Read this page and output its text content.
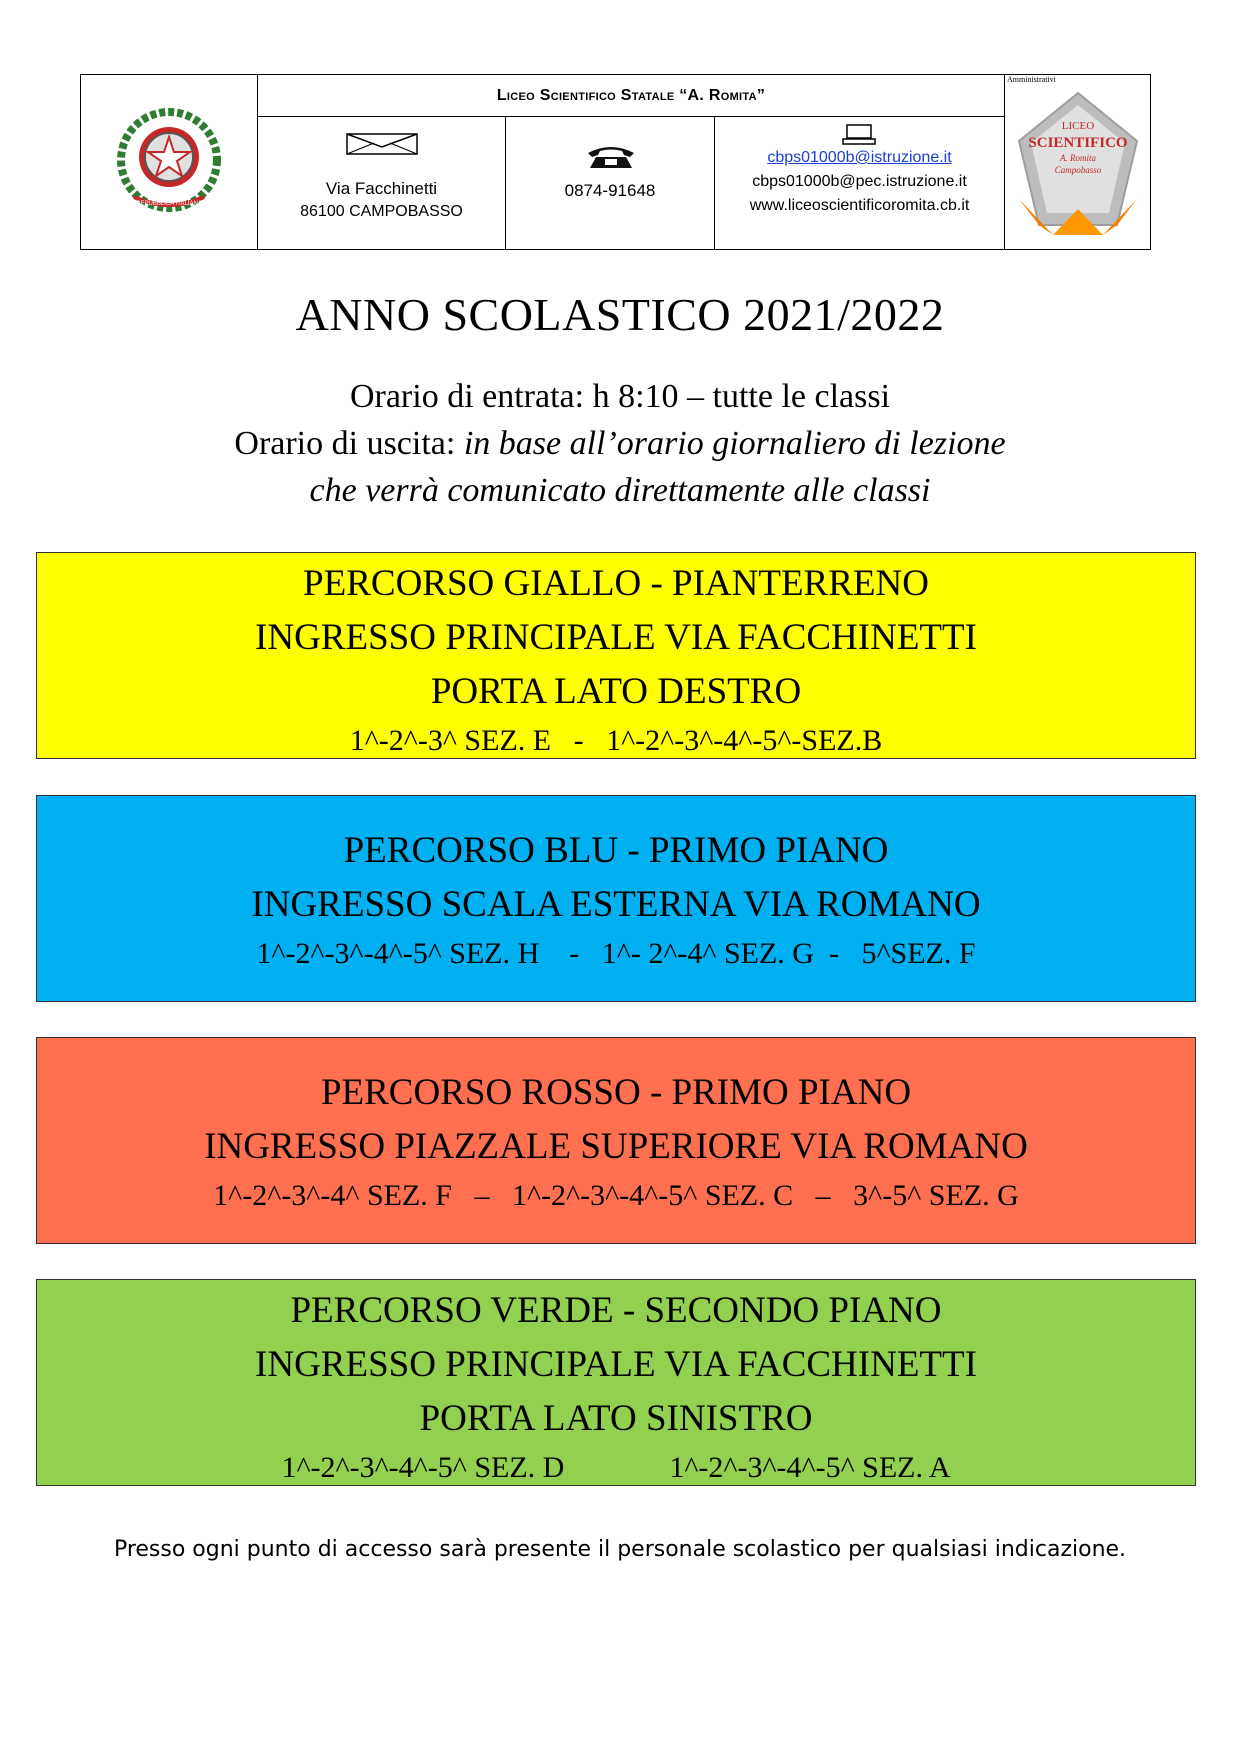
REPUBBLICA ITALIANA
Liceo Scientifico Statale “A. Romita”
Via Facchinetti
86100 CAMPOBASSO
0874-91648
cbps01000b@istruzione.it
cbps01000b@pec.istruzione.it
www.liceoscientificoromita.cb.it
Amministrativi
LICEO
SCIENTIFICO
A. Romita
Campobasso
ANNO SCOLASTICO 2021/2022
Orario di entrata: h 8:10 – tutte le classi
Orario di uscita: in base all’orario giornaliero di lezione
che verrà comunicato direttamente alle classi
PERCORSO GIALLO - PIANTERRENO
INGRESSO PRINCIPALE VIA FACCHINETTI
PORTA LATO DESTRO
1^-2^-3^ SEZ. E   -   1^-2^-3^-4^-5^-SEZ.B
PERCORSO BLU - PRIMO PIANO
INGRESSO SCALA ESTERNA VIA ROMANO
1^-2^-3^-4^-5^ SEZ. H    -   1^- 2^-4^ SEZ. G  -   5^SEZ. F
PERCORSO ROSSO - PRIMO PIANO
INGRESSO PIAZZALE SUPERIORE VIA ROMANO
1^-2^-3^-4^ SEZ. F   –   1^-2^-3^-4^-5^ SEZ. C   –   3^-5^ SEZ. G
PERCORSO VERDE - SECONDO PIANO
INGRESSO PRINCIPALE VIA FACCHINETTI
PORTA LATO SINISTRO
1^-2^-3^-4^-5^ SEZ. D              1^-2^-3^-4^-5^ SEZ. A
Presso ogni punto di accesso sarà presente il personale scolastico per qualsiasi indicazione.
